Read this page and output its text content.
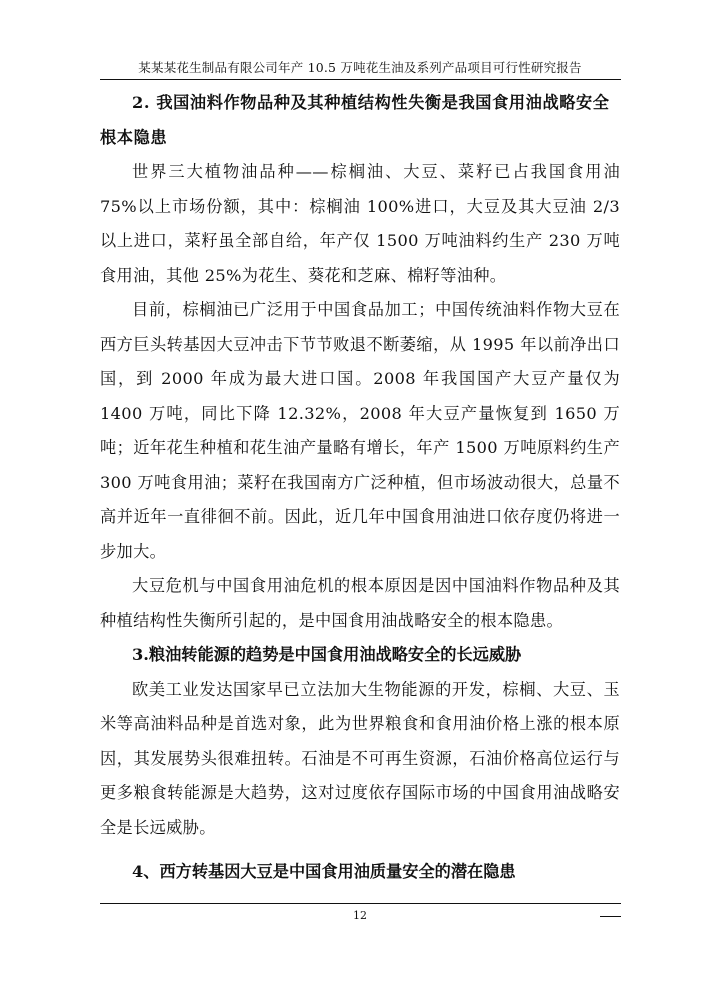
某某某花生制品有限公司年产 10.5 万吨花生油及系列产品项目可行性研究报告

2. 我国油料作物品种及其种植结构性失衡是我国食用油战略安全根本隐患

世界三大植物油品种——棕榈油、大豆、菜籽已占我国食用油 75%以上市场份额，其中：棕榈油 100%进口，大豆及其大豆油 2/3 以上进口，菜籽虽全部自给，年产仅 1500 万吨油料约生产 230 万吨食用油，其他 25%为花生、葵花和芝麻、棉籽等油种。

目前，棕榈油已广泛用于中国食品加工；中国传统油料作物大豆在西方巨头转基因大豆冲击下节节败退不断萎缩，从 1995 年以前净出口国，到 2000 年成为最大进口国。2008 年我国国产大豆产量仅为 1400 万吨，同比下降 12.32%，2008 年大豆产量恢复到 1650 万吨；近年花生种植和花生油产量略有增长，年产 1500 万吨原料约生产 300 万吨食用油；菜籽在我国南方广泛种植，但市场波动很大，总量不高并近年一直徘徊不前。因此，近几年中国食用油进口依存度仍将进一步加大。

大豆危机与中国食用油危机的根本原因是因中国油料作物品种及其种植结构性失衡所引起的，是中国食用油战略安全的根本隐患。

3.粮油转能源的趋势是中国食用油战略安全的长远威胁

欧美工业发达国家早已立法加大生物能源的开发，棕榈、大豆、玉米等高油料品种是首选对象，此为世界粮食和食用油价格上涨的根本原因，其发展势头很难扭转。石油是不可再生资源，石油价格高位运行与更多粮食转能源是大趋势，这对过度依存国际市场的中国食用油战略安全是长远威胁。

4、西方转基因大豆是中国食用油质量安全的潜在隐患

12
